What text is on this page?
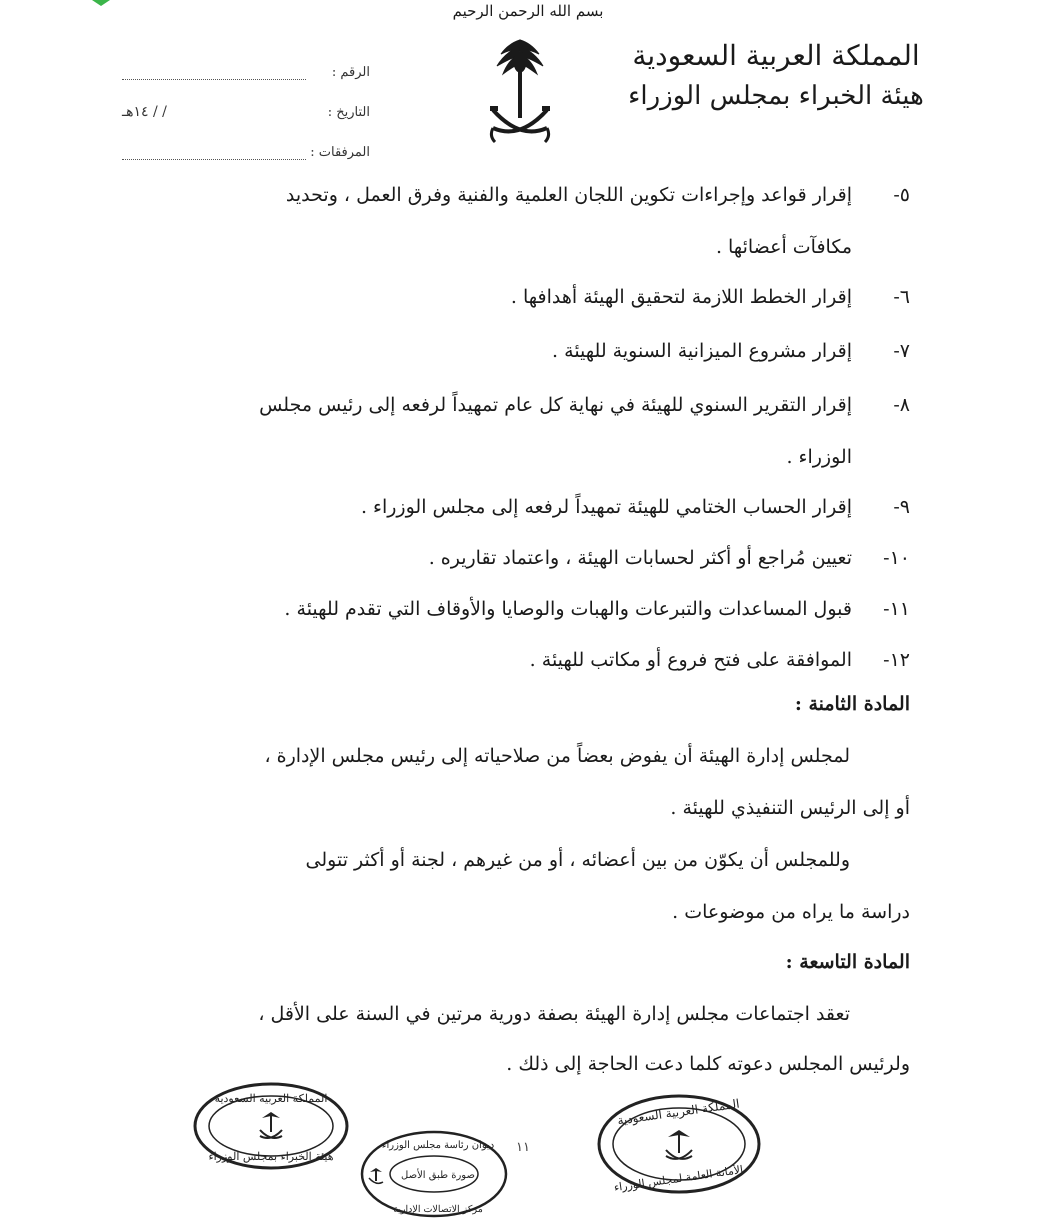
بسم الله الرحمن الرحيم
المملكة العربية السعودية
هيئة الخبراء بمجلس الوزراء
الرقم :
التاريخ :
/ / ١٤هـ
المرفقات :
٥-
إقرار قواعد وإجراءات تكوين اللجان العلمية والفنية وفرق العمل ، وتحديد
مكافآت أعضائها .
٦-
إقرار الخطط اللازمة لتحقيق الهيئة أهدافها .
٧-
إقرار مشروع الميزانية السنوية للهيئة .
٨-
إقرار التقرير السنوي للهيئة في نهاية كل عام تمهيداً لرفعه إلى رئيس مجلس
الوزراء .
٩-
إقرار الحساب الختامي للهيئة تمهيداً لرفعه إلى مجلس الوزراء .
١٠-
تعيين مُراجع أو أكثر لحسابات الهيئة ، واعتماد تقاريره .
١١-
قبول المساعدات والتبرعات والهبات والوصايا والأوقاف التي تقدم للهيئة .
١٢-
الموافقة على فتح فروع أو مكاتب للهيئة .
المادة الثامنة :
لمجلس إدارة الهيئة أن يفوض بعضاً من صلاحياته إلى رئيس مجلس الإدارة ،
أو إلى الرئيس التنفيذي للهيئة .
وللمجلس أن يكوّن من بين أعضائه ، أو من غيرهم ، لجنة أو أكثر تتولى
دراسة ما يراه من موضوعات .
المادة التاسعة :
تعقد اجتماعات مجلس إدارة الهيئة بصفة دورية مرتين في السنة على الأقل ،
ولرئيس المجلس دعوته كلما دعت الحاجة إلى ذلك .
١١
المملكة العربية السعودية
هيئة الخبراء بمجلس الوزراء
ديوان رئاسة مجلس الوزراء
صورة طبق الأصل
مركز الاتصالات الإدارية
المملكة العربية السعودية
الأمانة العامة لمجلس الوزراء
